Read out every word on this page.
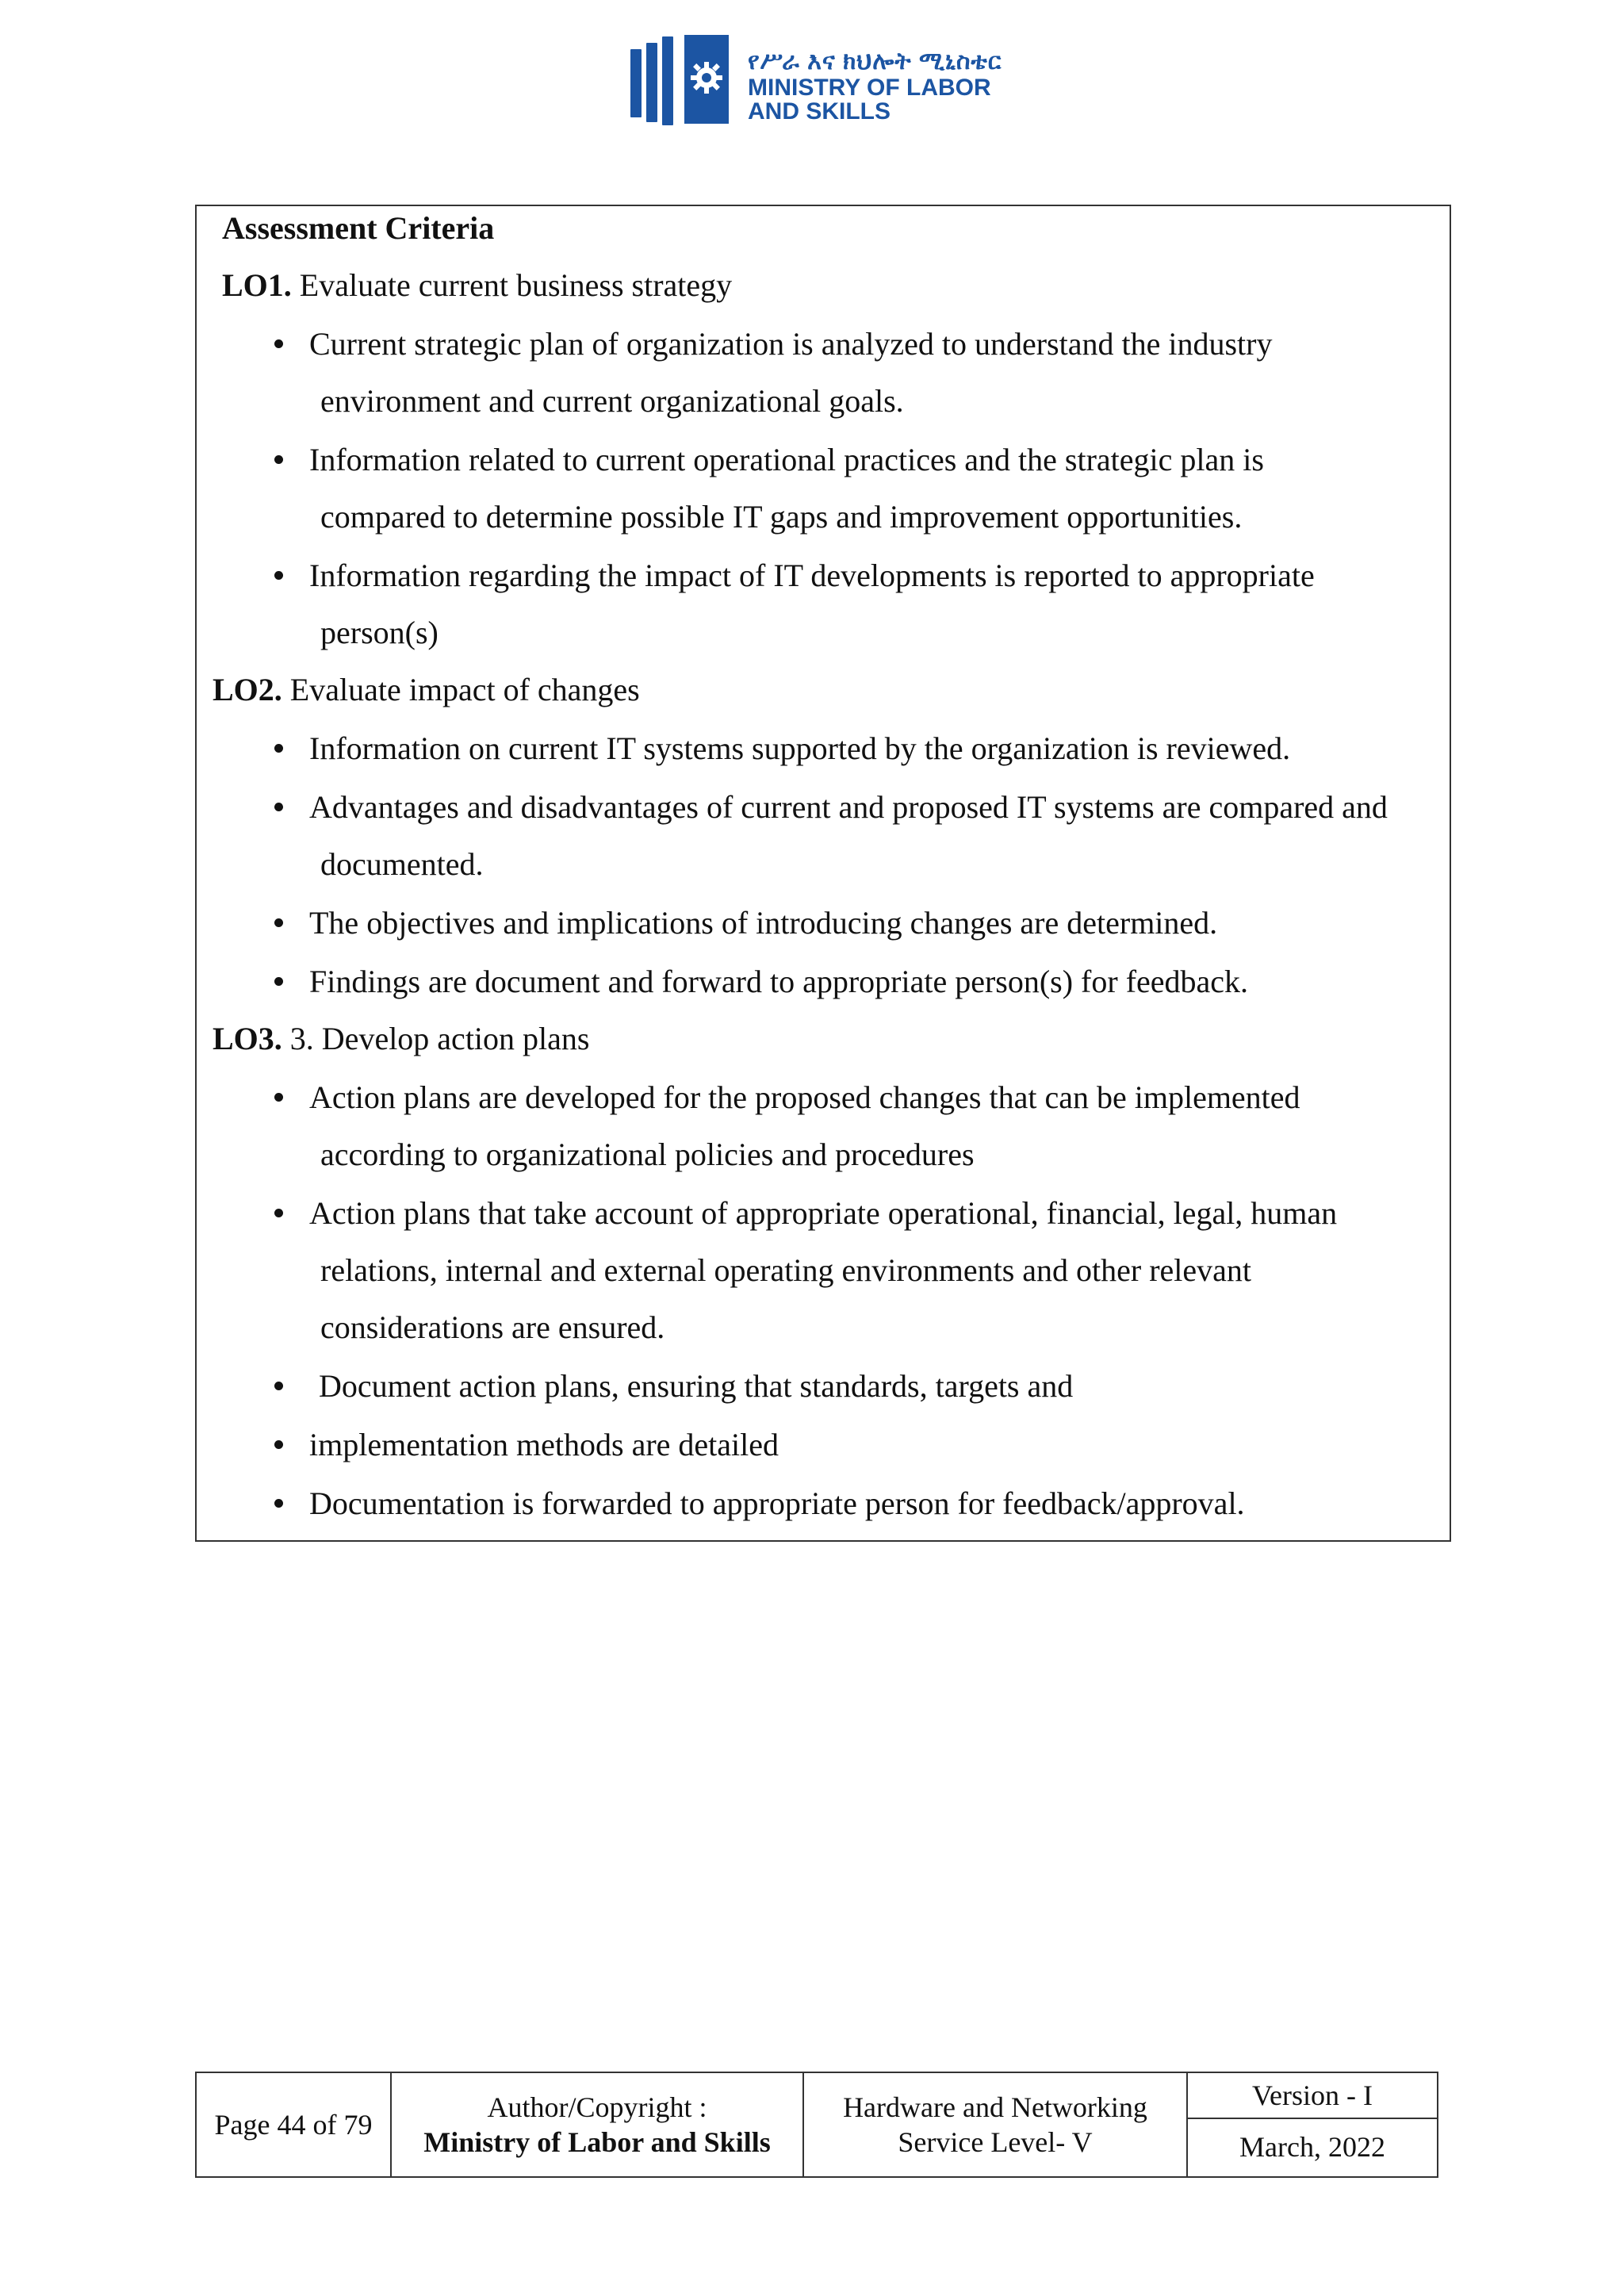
የሥራ እና ክህሎት ሚኒስቴር
MINISTRY OF LABOR
AND SKILLS
Assessment Criteria
LO1. Evaluate current business strategy
Current strategic plan of organization is analyzed to understand the industry
environment and current organizational goals.
Information related to current operational practices and the strategic plan is
compared to determine possible IT gaps and improvement opportunities.
Information regarding the impact of IT developments is reported to appropriate
person(s)
LO2. Evaluate impact of changes
Information on current IT systems supported by the organization is reviewed.
Advantages and disadvantages of current and proposed IT systems are compared and
documented.
The objectives and implications of introducing changes are determined.
Findings are document and forward to appropriate person(s) for feedback.
LO3. 3. Develop action plans
Action plans are developed for the proposed changes that can be implemented
according to organizational policies and procedures
Action plans that take account of appropriate operational, financial, legal, human
relations, internal and external operating environments and other relevant
considerations are ensured.
Document action plans, ensuring that standards, targets and
implementation methods are detailed
Documentation is forwarded to appropriate person for feedback/approval.
Page 44 of 79
Author/Copyright :
Ministry of Labor and Skills
Hardware and Networking
Service Level- V
Version - I
March, 2022
